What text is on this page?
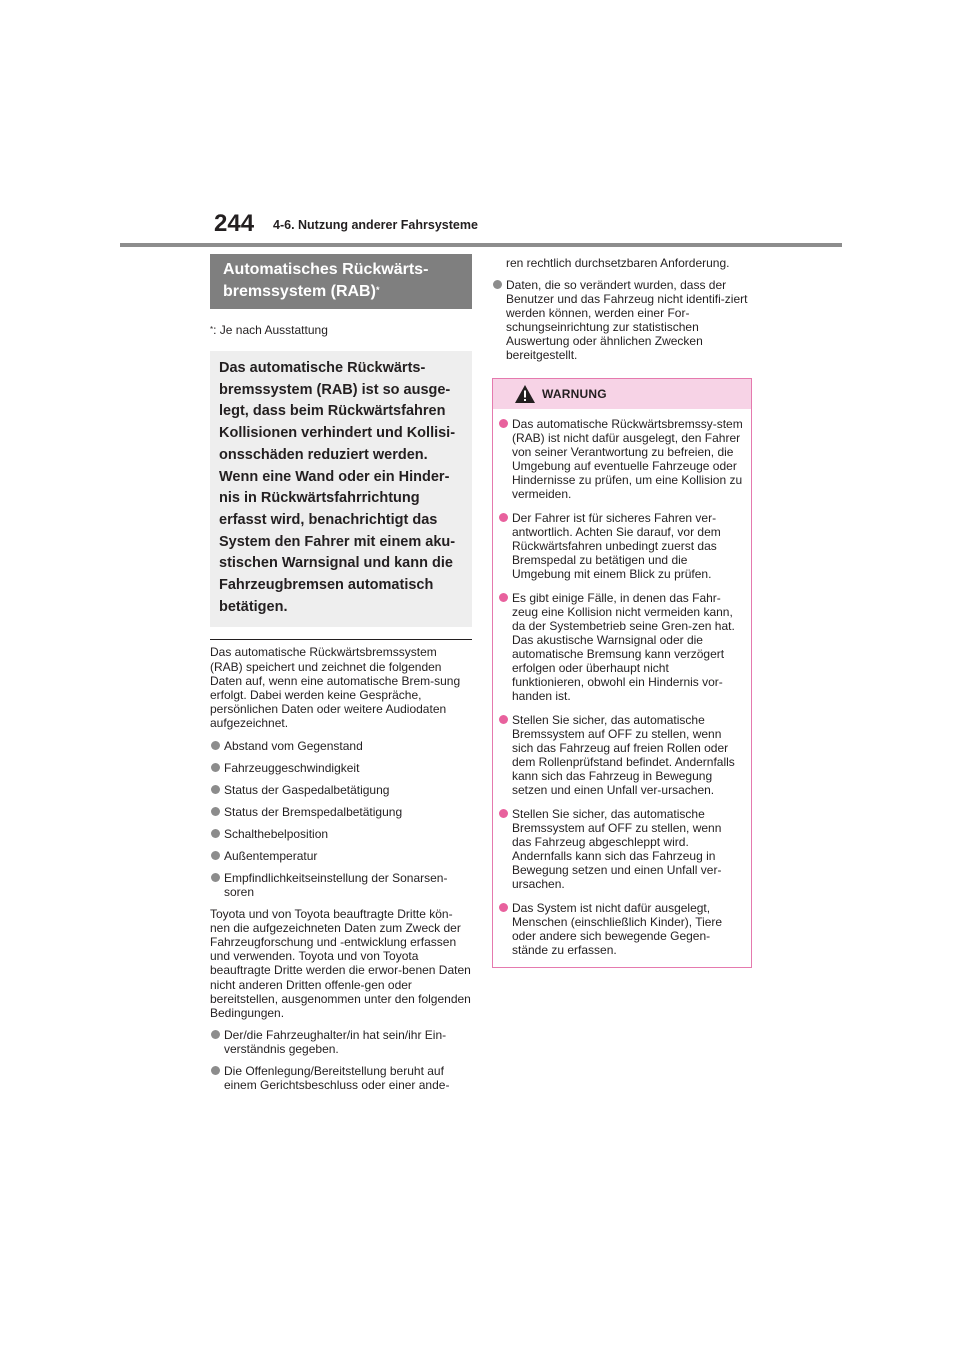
244 4-6. Nutzung anderer Fahrsysteme
Automatisches Rückwärts-
bremssystem (RAB)*
*: Je nach Ausstattung

Das automatische Rückwärts-

bremssystem (RAB) ist so ausge-

legt, dass beim Rückwärtsfahren

Kollisionen verhindert und Kollisi-

onsschäden reduziert werden.

Wenn eine Wand oder ein Hinder-

nis in Rückwärtsfahrrichtung

erfasst wird, benachrichtigt das

System den Fahrer mit einem aku-

stischen Warnsignal und kann die

Fahrzeugbremsen automatisch

betätigen.

Das automatische Rückwärtsbremssystem (RAB) speichert und zeichnet die folgenden Daten auf, wenn eine automatische Brem-sung erfolgt. Dabei werden keine Gespräche, persönlichen Daten oder weitere Audiodaten aufgezeichnet.

Abstand vom Gegenstand
Fahrzeuggeschwindigkeit
Status der Gaspedalbetätigung
Status der Bremspedalbetätigung
Schalthebelposition
Außentemperatur
Empfindlichkeitseinstellung der Sonarsen-soren

Toyota und von Toyota beauftragte Dritte kön-nen die aufgezeichneten Daten zum Zweck der Fahrzeugforschung und -entwicklung erfassen und verwenden. Toyota und von Toyota beauftragte Dritte werden die erwor-benen Daten nicht anderen Dritten offenle-gen oder bereitstellen, ausgenommen unter den folgenden Bedingungen.

Der/die Fahrzeughalter/in hat sein/ihr Ein-verständnis gegeben.
Die Offenlegung/Bereitstellung beruht auf einem Gerichtsbeschluss oder einer ande-

ren rechtlich durchsetzbaren Anforderung.

Daten, die so verändert wurden, dass der Benutzer und das Fahrzeug nicht identifi-ziert werden können, werden einer For-schungseinrichtung zur statistischen Auswertung oder ähnlichen Zwecken bereitgestellt.
WARNUNG
Das automatische Rückwärtsbremssy-stem (RAB) ist nicht dafür ausgelegt, den Fahrer von seiner Verantwortung zu befreien, die Umgebung auf eventuelle Fahrzeuge oder Hindernisse zu prüfen, um eine Kollision zu vermeiden.
Der Fahrer ist für sicheres Fahren ver-antwortlich. Achten Sie darauf, vor dem Rückwärtsfahren unbedingt zuerst das Bremspedal zu betätigen und die Umgebung mit einem Blick zu prüfen.
Es gibt einige Fälle, in denen das Fahr-zeug eine Kollision nicht vermeiden kann, da der Systembetrieb seine Gren-zen hat. Das akustische Warnsignal oder die automatische Bremsung kann verzögert erfolgen oder überhaupt nicht funktionieren, obwohl ein Hindernis vor-handen ist.
Stellen Sie sicher, das automatische Bremssystem auf OFF zu stellen, wenn sich das Fahrzeug auf freien Rollen oder dem Rollenprüfstand befindet. Andernfalls kann sich das Fahrzeug in Bewegung setzen und einen Unfall ver-ursachen.
Stellen Sie sicher, das automatische Bremssystem auf OFF zu stellen, wenn das Fahrzeug abgeschleppt wird. Andernfalls kann sich das Fahrzeug in Bewegung setzen und einen Unfall ver-ursachen.
Das System ist nicht dafür ausgelegt, Menschen (einschließlich Kinder), Tiere oder andere sich bewegende Gegen-stände zu erfassen.
